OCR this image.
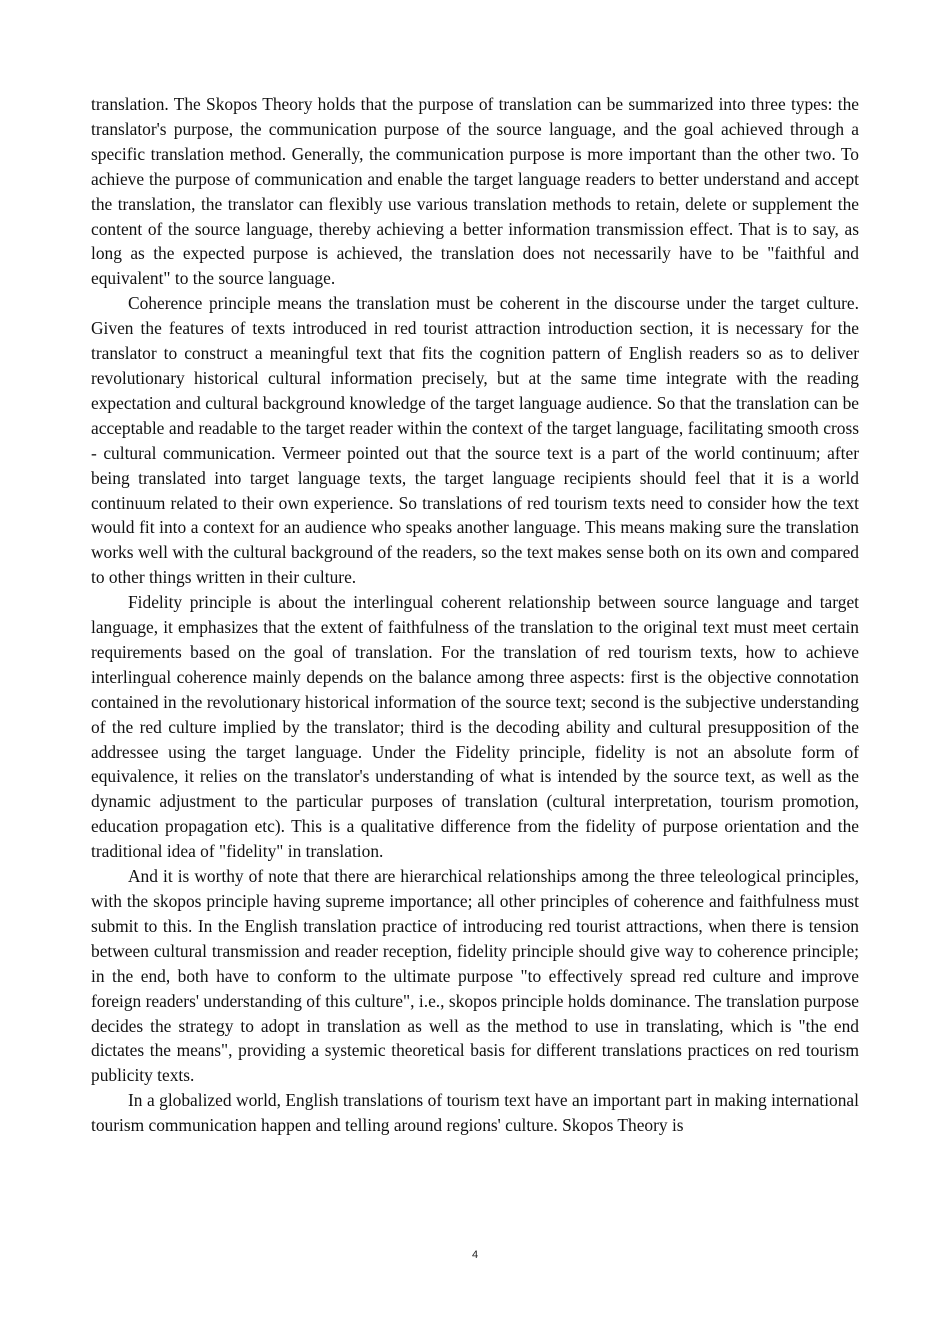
translation. The Skopos Theory holds that the purpose of translation can be summarized into three types: the translator's purpose, the communication purpose of the source language, and the goal achieved through a specific translation method. Generally, the communication purpose is more important than the other two. To achieve the purpose of communication and enable the target language readers to better understand and accept the translation, the translator can flexibly use various translation methods to retain, delete or supplement the content of the source language, thereby achieving a better information transmission effect. That is to say, as long as the expected purpose is achieved, the translation does not necessarily have to be "faithful and equivalent" to the source language.

Coherence principle means the translation must be coherent in the discourse under the target culture. Given the features of texts introduced in red tourist attraction introduction section, it is necessary for the translator to construct a meaningful text that fits the cognition pattern of English readers so as to deliver revolutionary historical cultural information precisely, but at the same time integrate with the reading expectation and cultural background knowledge of the target language audience. So that the translation can be acceptable and readable to the target reader within the context of the target language, facilitating smooth cross - cultural communication. Vermeer pointed out that the source text is a part of the world continuum; after being translated into target language texts, the target language recipients should feel that it is a world continuum related to their own experience. So translations of red tourism texts need to consider how the text would fit into a context for an audience who speaks another language. This means making sure the translation works well with the cultural background of the readers, so the text makes sense both on its own and compared to other things written in their culture.

Fidelity principle is about the interlingual coherent relationship between source language and target language, it emphasizes that the extent of faithfulness of the translation to the original text must meet certain requirements based on the goal of translation. For the translation of red tourism texts, how to achieve interlingual coherence mainly depends on the balance among three aspects: first is the objective connotation contained in the revolutionary historical information of the source text; second is the subjective understanding of the red culture implied by the translator; third is the decoding ability and cultural presupposition of the addressee using the target language. Under the Fidelity principle, fidelity is not an absolute form of equivalence, it relies on the translator's understanding of what is intended by the source text, as well as the dynamic adjustment to the particular purposes of translation (cultural interpretation, tourism promotion, education propagation etc). This is a qualitative difference from the fidelity of purpose orientation and the traditional idea of "fidelity" in translation.

And it is worthy of note that there are hierarchical relationships among the three teleological principles, with the skopos principle having supreme importance; all other principles of coherence and faithfulness must submit to this. In the English translation practice of introducing red tourist attractions, when there is tension between cultural transmission and reader reception, fidelity principle should give way to coherence principle; in the end, both have to conform to the ultimate purpose "to effectively spread red culture and improve foreign readers' understanding of this culture", i.e., skopos principle holds dominance. The translation purpose decides the strategy to adopt in translation as well as the method to use in translating, which is "the end dictates the means", providing a systemic theoretical basis for different translations practices on red tourism publicity texts.

In a globalized world, English translations of tourism text have an important part in making international tourism communication happen and telling around regions' culture. Skopos Theory is

4
